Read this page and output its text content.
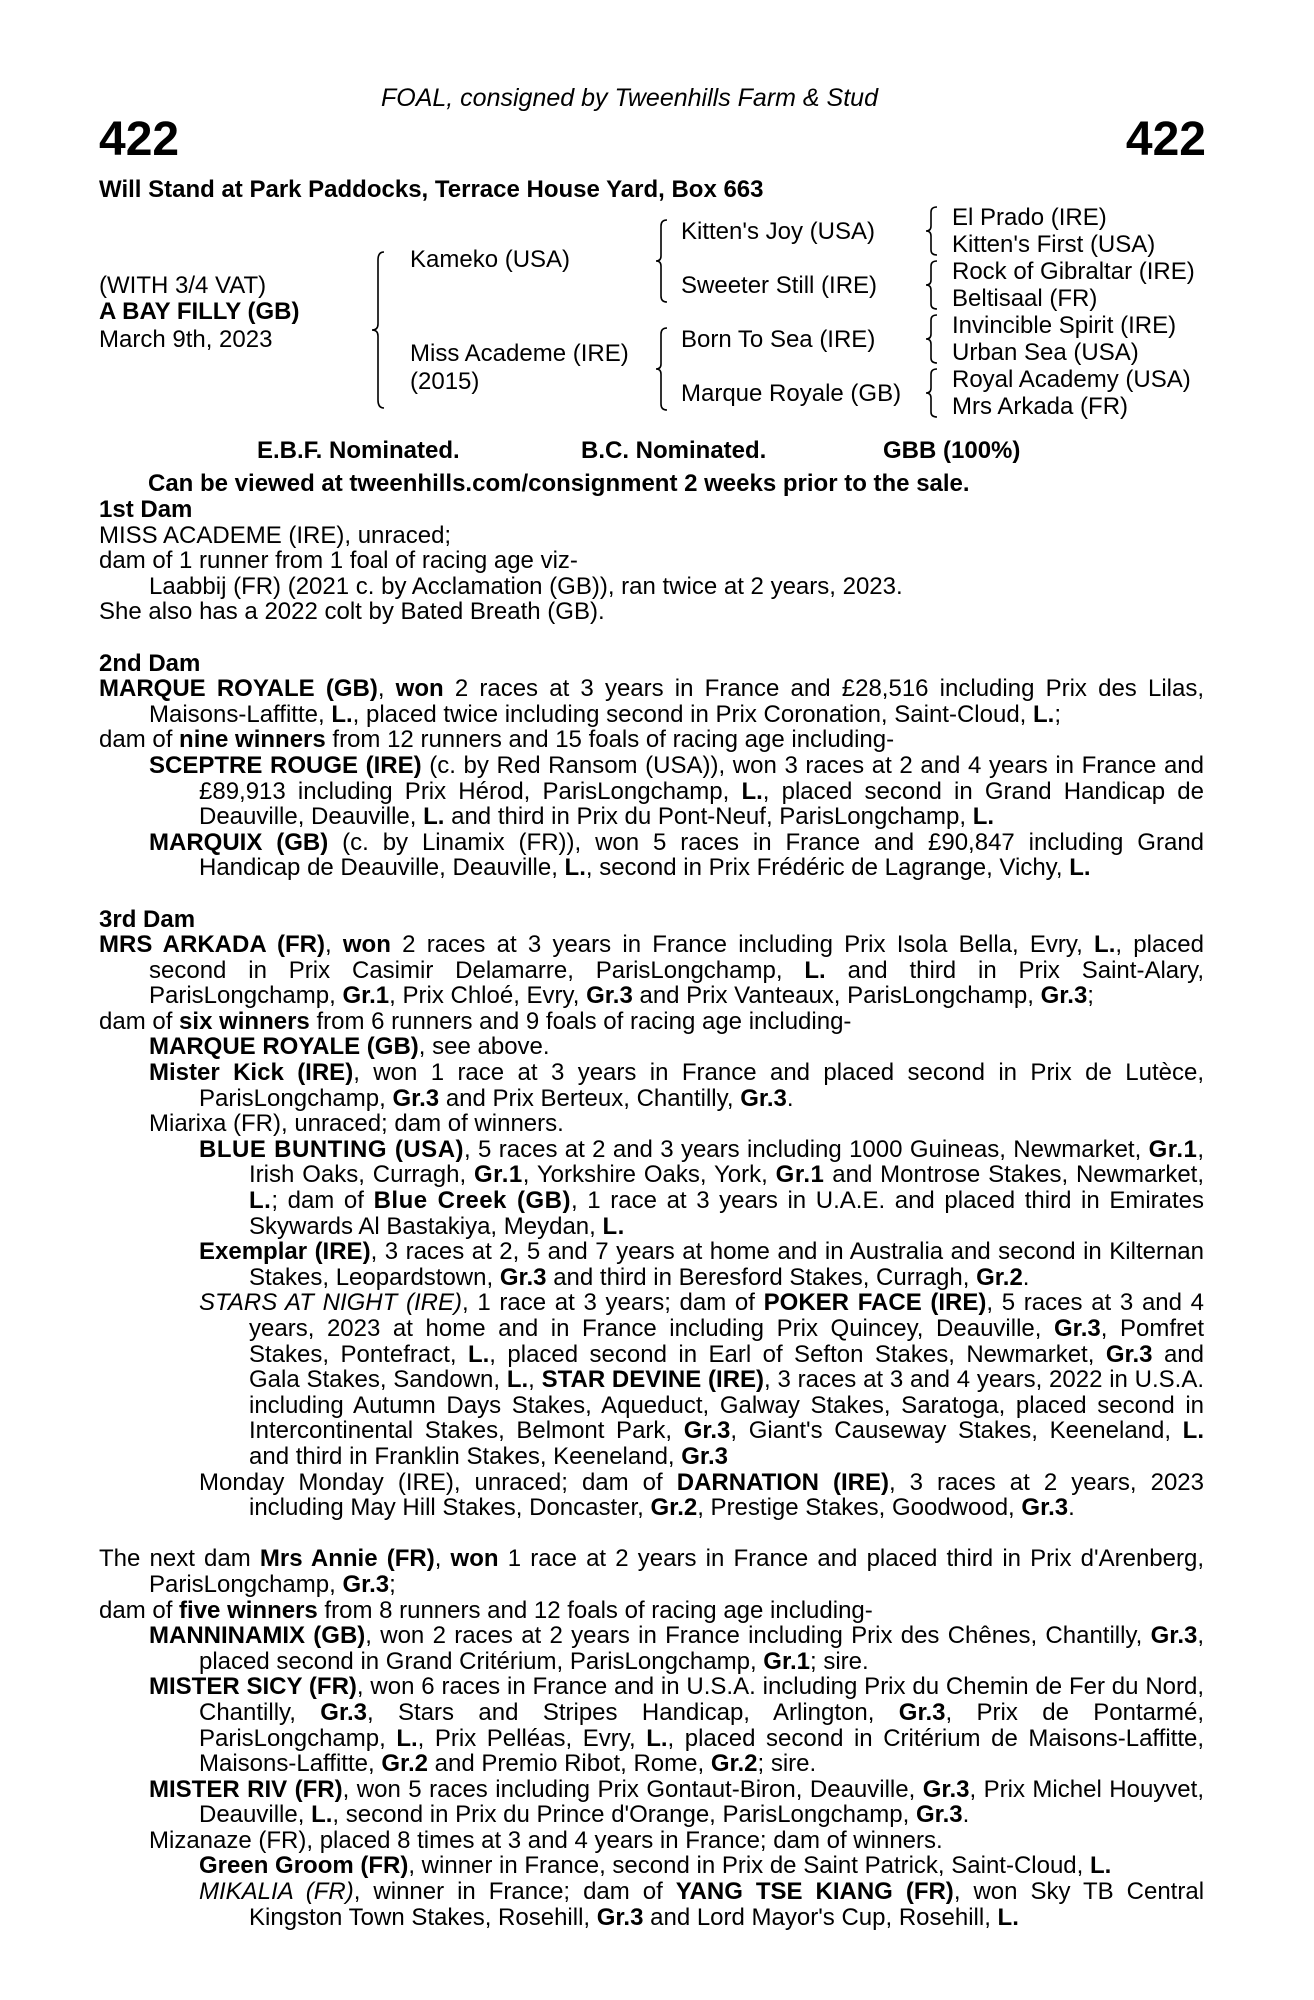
422	422
FOAL, consigned by Tweenhills Farm & Stud
Will Stand at Park Paddocks, Terrace House Yard, Box 663
(WITH 3/4 VAT)
A BAY FILLY (GB)
March 9th, 2023
Kameko (USA)
Miss Academe (IRE)
(2015)
Kitten's Joy (USA)
Sweeter Still (IRE)
Born To Sea (IRE)
Marque Royale (GB)
El Prado (IRE)
Kitten's First (USA)
Rock of Gibraltar (IRE)
Beltisaal (FR)
Invincible Spirit (IRE)
Urban Sea (USA)
Royal Academy (USA)
Mrs Arkada (FR)
E.B.F. Nominated.	B.C. Nominated.	GBB (100%)
Can be viewed at tweenhills.com/consignment 2 weeks prior to the sale.

1st Dam

MISS ACADEME (IRE), unraced;

dam of 1 runner from 1 foal of racing age viz-

Laabbij (FR) (2021 c. by Acclamation (GB)), ran twice at 2 years, 2023.

She also has a 2022 colt by Bated Breath (GB).

2nd Dam

MARQUE ROYALE (GB), won 2 races at 3 years in France and £28,516 including Prix des Lilas, Maisons-Laffitte, L., placed twice including second in Prix Coronation, Saint-Cloud, L.;

dam of nine winners from 12 runners and 15 foals of racing age including-

SCEPTRE ROUGE (IRE) (c. by Red Ransom (USA)), won 3 races at 2 and 4 years in France and £89,913 including Prix Hérod, ParisLongchamp, L., placed second in Grand Handicap de Deauville, Deauville, L. and third in Prix du Pont-Neuf, ParisLongchamp, L.

MARQUIX (GB) (c. by Linamix (FR)), won 5 races in France and £90,847 including Grand Handicap de Deauville, Deauville, L., second in Prix Frédéric de Lagrange, Vichy, L.

3rd Dam

MRS ARKADA (FR), won 2 races at 3 years in France including Prix Isola Bella, Evry, L., placed second in Prix Casimir Delamarre, ParisLongchamp, L. and third in Prix Saint-Alary, ParisLongchamp, Gr.1, Prix Chloé, Evry, Gr.3 and Prix Vanteaux, ParisLongchamp, Gr.3;

dam of six winners from 6 runners and 9 foals of racing age including-

MARQUE ROYALE (GB), see above.

Mister Kick (IRE), won 1 race at 3 years in France and placed second in Prix de Lutèce, ParisLongchamp, Gr.3 and Prix Berteux, Chantilly, Gr.3.

Miarixa (FR), unraced; dam of winners.

BLUE BUNTING (USA), 5 races at 2 and 3 years including 1000 Guineas, Newmarket, Gr.1, Irish Oaks, Curragh, Gr.1, Yorkshire Oaks, York, Gr.1 and Montrose Stakes, Newmarket, L.; dam of Blue Creek (GB), 1 race at 3 years in U.A.E. and placed third in Emirates Skywards Al Bastakiya, Meydan, L.

Exemplar (IRE), 3 races at 2, 5 and 7 years at home and in Australia and second in Kilternan Stakes, Leopardstown, Gr.3 and third in Beresford Stakes, Curragh, Gr.2.

STARS AT NIGHT (IRE), 1 race at 3 years; dam of POKER FACE (IRE), 5 races at 3 and 4 years, 2023 at home and in France including Prix Quincey, Deauville, Gr.3, Pomfret Stakes, Pontefract, L., placed second in Earl of Sefton Stakes, Newmarket, Gr.3 and Gala Stakes, Sandown, L., STAR DEVINE (IRE), 3 races at 3 and 4 years, 2022 in U.S.A. including Autumn Days Stakes, Aqueduct, Galway Stakes, Saratoga, placed second in Intercontinental Stakes, Belmont Park, Gr.3, Giant's Causeway Stakes, Keeneland, L. and third in Franklin Stakes, Keeneland, Gr.3

Monday Monday (IRE), unraced; dam of DARNATION (IRE), 3 races at 2 years, 2023 including May Hill Stakes, Doncaster, Gr.2, Prestige Stakes, Goodwood, Gr.3.

The next dam Mrs Annie (FR), won 1 race at 2 years in France and placed third in Prix d'Arenberg, ParisLongchamp, Gr.3;

dam of five winners from 8 runners and 12 foals of racing age including-

MANNINAMIX (GB), won 2 races at 2 years in France including Prix des Chênes, Chantilly, Gr.3, placed second in Grand Critérium, ParisLongchamp, Gr.1; sire.

MISTER SICY (FR), won 6 races in France and in U.S.A. including Prix du Chemin de Fer du Nord, Chantilly, Gr.3, Stars and Stripes Handicap, Arlington, Gr.3, Prix de Pontarmé, ParisLongchamp, L., Prix Pelléas, Evry, L., placed second in Critérium de Maisons-Laffitte, Maisons-Laffitte, Gr.2 and Premio Ribot, Rome, Gr.2; sire.

MISTER RIV (FR), won 5 races including Prix Gontaut-Biron, Deauville, Gr.3, Prix Michel Houyvet, Deauville, L., second in Prix du Prince d'Orange, ParisLongchamp, Gr.3.

Mizanaze (FR), placed 8 times at 3 and 4 years in France; dam of winners.

Green Groom (FR), winner in France, second in Prix de Saint Patrick, Saint-Cloud, L.

MIKALIA (FR), winner in France; dam of YANG TSE KIANG (FR), won Sky TB Central Kingston Town Stakes, Rosehill, Gr.3 and Lord Mayor's Cup, Rosehill, L.
